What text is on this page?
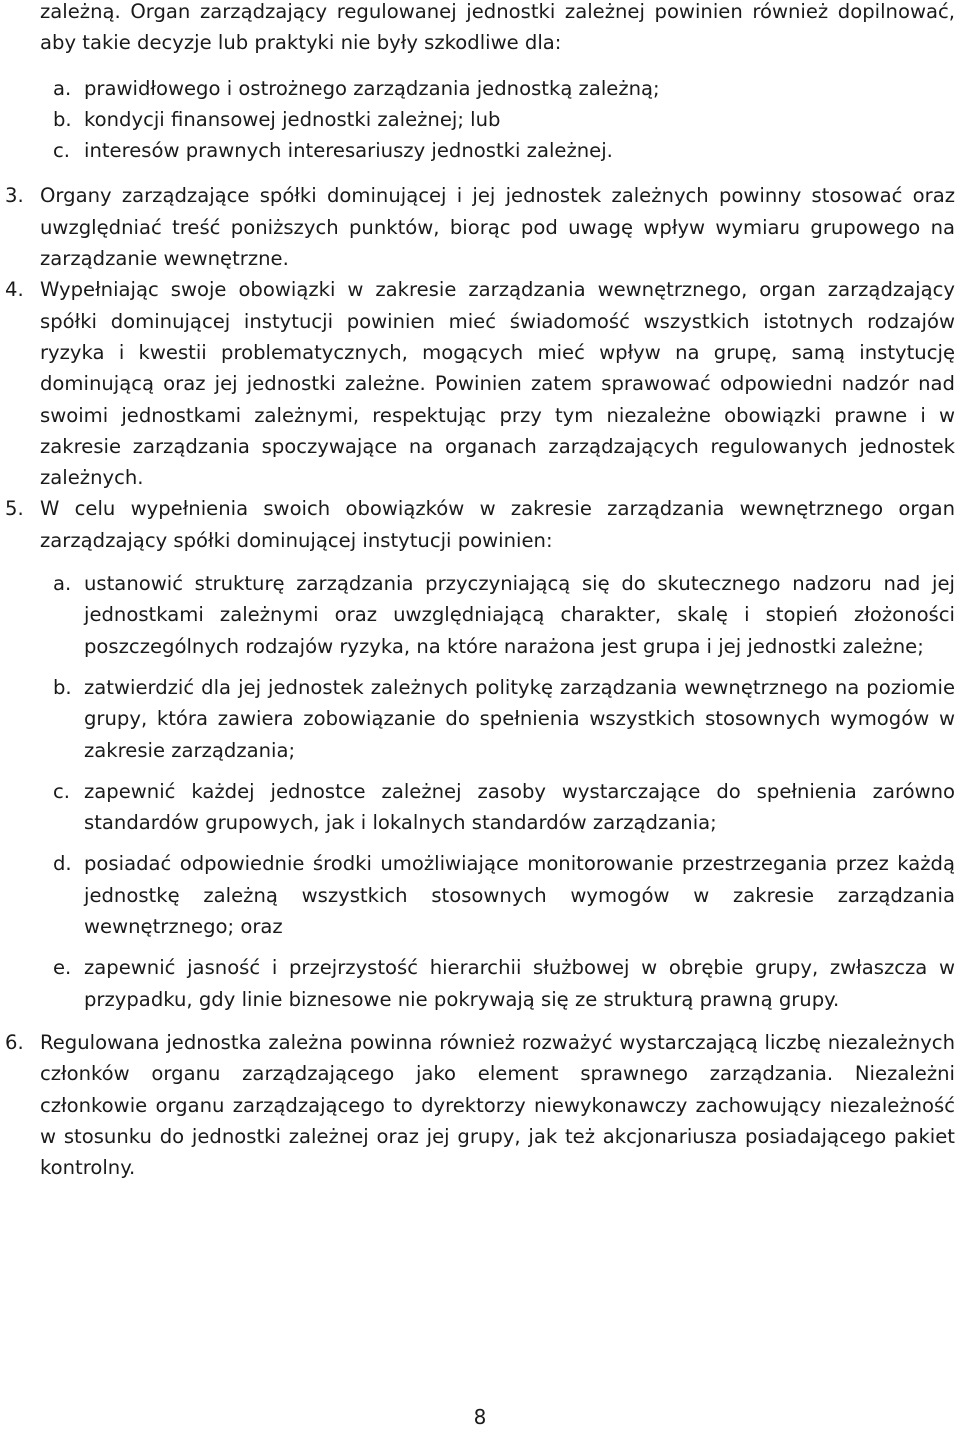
zależną. Organ zarządzający regulowanej jednostki zależnej powinien również dopilnować, aby takie decyzje lub praktyki nie były szkodliwe dla:

a. prawidłowego i ostrożnego zarządzania jednostką zależną;
b. kondycji finansowej jednostki zależnej; lub
c. interesów prawnych interesariuszy jednostki zależnej.
3. Organy zarządzające spółki dominującej i jej jednostek zależnych powinny stosować oraz uwzględniać treść poniższych punktów, biorąc pod uwagę wpływ wymiaru grupowego na zarządzanie wewnętrzne.
4. Wypełniając swoje obowiązki w zakresie zarządzania wewnętrznego, organ zarządzający spółki dominującej instytucji powinien mieć świadomość wszystkich istotnych rodzajów ryzyka i kwestii problematycznych, mogących mieć wpływ na grupę, samą instytucję dominującą oraz jej jednostki zależne. Powinien zatem sprawować odpowiedni nadzór nad swoimi jednostkami zależnymi, respektując przy tym niezależne obowiązki prawne i w zakresie zarządzania spoczywające na organach zarządzających regulowanych jednostek zależnych.
5. W celu wypełnienia swoich obowiązków w zakresie zarządzania wewnętrznego organ zarządzający spółki dominującej instytucji powinien:
a. ustanowić strukturę zarządzania przyczyniającą się do skutecznego nadzoru nad jej jednostkami zależnymi oraz uwzględniającą charakter, skalę i stopień złożoności poszczególnych rodzajów ryzyka, na które narażona jest grupa i jej jednostki zależne;
b. zatwierdzić dla jej jednostek zależnych politykę zarządzania wewnętrznego na poziomie grupy, która zawiera zobowiązanie do spełnienia wszystkich stosownych wymogów w zakresie zarządzania;
c. zapewnić każdej jednostce zależnej zasoby wystarczające do spełnienia zarówno standardów grupowych, jak i lokalnych standardów zarządzania;
d. posiadać odpowiednie środki umożliwiające monitorowanie przestrzegania przez każdą jednostkę zależną wszystkich stosownych wymogów w zakresie zarządzania wewnętrznego; oraz
e. zapewnić jasność i przejrzystość hierarchii służbowej w obrębie grupy, zwłaszcza w przypadku, gdy linie biznesowe nie pokrywają się ze strukturą prawną grupy.
6. Regulowana jednostka zależna powinna również rozważyć wystarczającą liczbę niezależnych członków organu zarządzającego jako element sprawnego zarządzania. Niezależni członkowie organu zarządzającego to dyrektorzy niewykonawczy zachowujący niezależność w stosunku do jednostki zależnej oraz jej grupy, jak też akcjonariusza posiadającego pakiet kontrolny.
8
